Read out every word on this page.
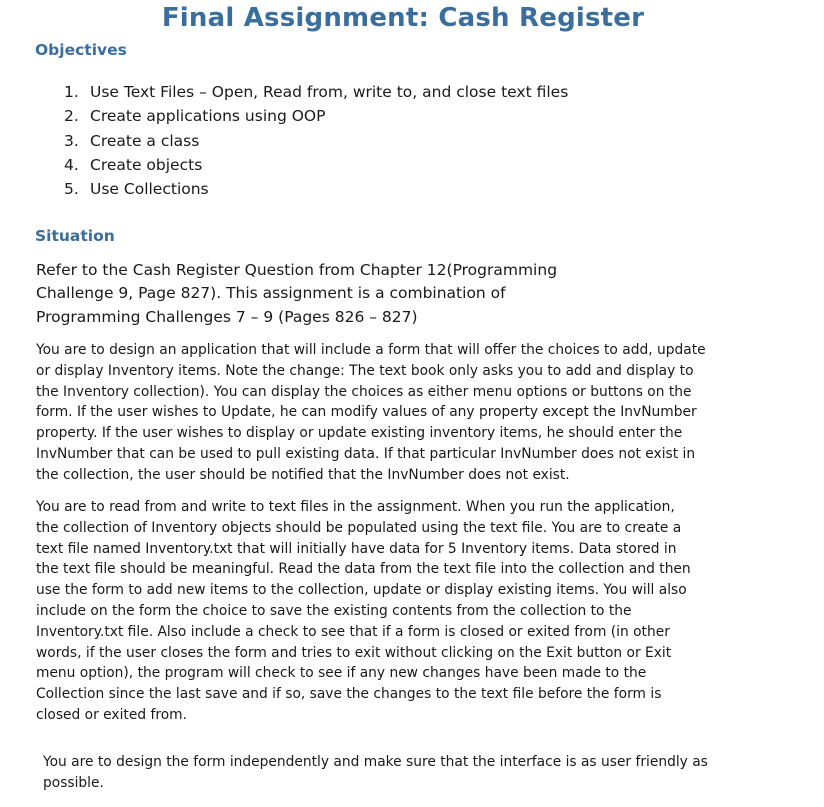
Final Assignment: Cash Register
Objectives
1. Use Text Files – Open, Read from, write to, and close text files
2. Create applications using OOP
3. Create a class
4. Create objects
5. Use Collections
Situation
Refer to the Cash Register Question from Chapter 12(Programming
Challenge 9, Page 827). This assignment is a combination of
Programming Challenges 7 – 9 (Pages 826 – 827)
You are to design an application that will include a form that will offer the choices to add, update
or display Inventory items. Note the change: The text book only asks you to add and display to
the Inventory collection). You can display the choices as either menu options or buttons on the
form. If the user wishes to Update, he can modify values of any property except the InvNumber
property. If the user wishes to display or update existing inventory items, he should enter the
InvNumber that can be used to pull existing data. If that particular InvNumber does not exist in
the collection, the user should be notified that the InvNumber does not exist.
You are to read from and write to text files in the assignment. When you run the application,
the collection of Inventory objects should be populated using the text file. You are to create a
text file named Inventory.txt that will initially have data for 5 Inventory items. Data stored in
the text file should be meaningful. Read the data from the text file into the collection and then
use the form to add new items to the collection, update or display existing items. You will also
include on the form the choice to save the existing contents from the collection to the
Inventory.txt file. Also include a check to see that if a form is closed or exited from (in other
words, if the user closes the form and tries to exit without clicking on the Exit button or Exit
menu option), the program will check to see if any new changes have been made to the
Collection since the last save and if so, save the changes to the text file before the form is
closed or exited from.
You are to design the form independently and make sure that the interface is as user friendly as
possible.
